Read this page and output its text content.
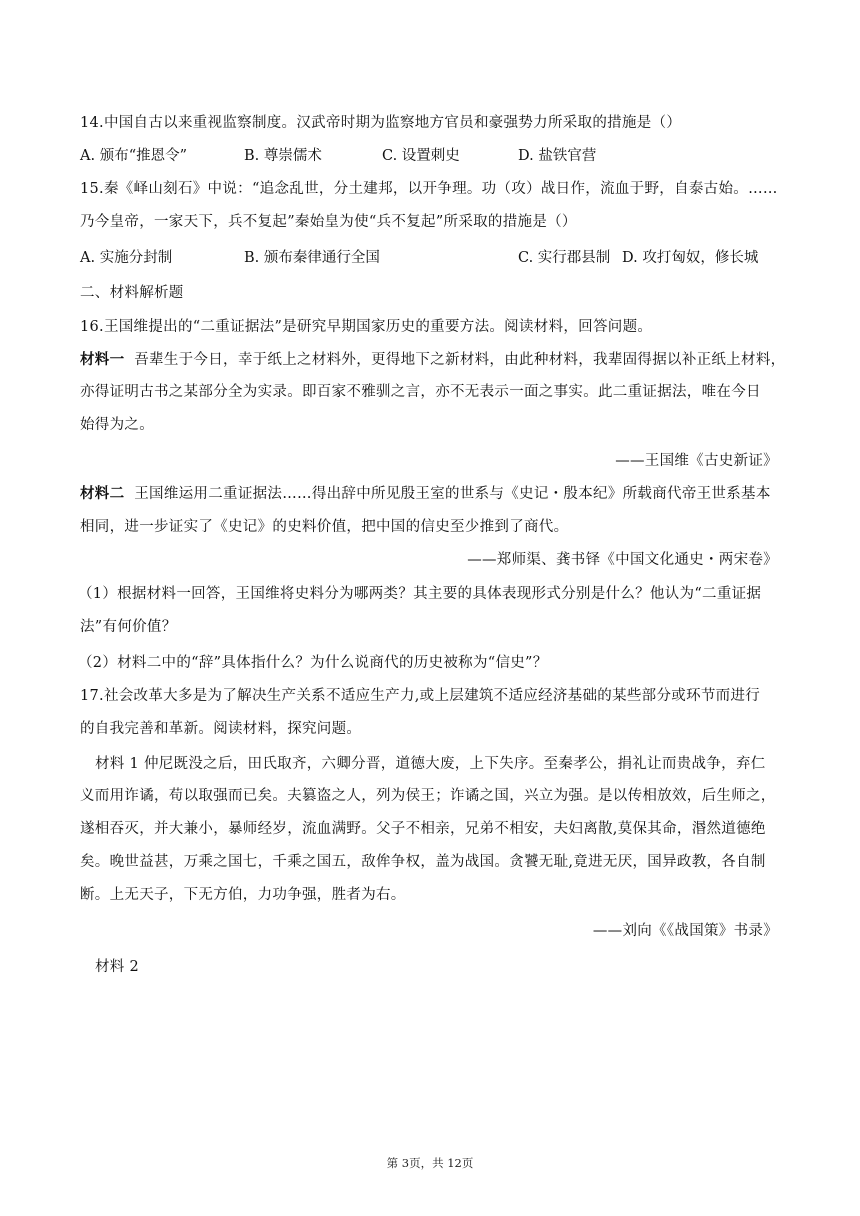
14.中国自古以来重视监察制度。汉武帝时期为监察地方官员和豪强势力所采取的措施是（）
A. 颁布“推恩令”	B. 尊崇儒术	C. 设置刺史	D. 盐铁官营
15.秦《峄山刻石》中说：“追念乱世，分土建邦，以开争理。功（攻）战日作，流血于野，自泰古始。……
乃今皇帝，一家天下，兵不复起”秦始皇为使“兵不复起”所采取的措施是（）
A. 实施分封制	B. 颁布秦律通行全国	C. 实行郡县制 D. 攻打匈奴，修长城
二、材料解析题
16.王国维提出的“二重证据法”是研究早期国家历史的重要方法。阅读材料，回答问题。
材料一 吾辈生于今日，幸于纸上之材料外，更得地下之新材料，由此种材料，我辈固得据以补正纸上材料，
亦得证明古书之某部分全为实录。即百家不雅驯之言，亦不无表示一面之事实。此二重证据法，唯在今日
始得为之。
——王国维《古史新证》
材料二 王国维运用二重证据法……得出辞中所见殷王室的世系与《史记・殷本纪》所载商代帝王世系基本
相同，进一步证实了《史记》的史料价值，把中国的信史至少推到了商代。
——郑师渠、龚书铎《中国文化通史・两宋卷》
（1）根据材料一回答，王国维将史料分为哪两类？其主要的具体表现形式分别是什么？他认为“二重证据
法”有何价值？
（2）材料二中的“辞”具体指什么？为什么说商代的历史被称为“信史”？
17.社会改革大多是为了解决生产关系不适应生产力,或上层建筑不适应经济基础的某些部分或环节而进行
的自我完善和革新。阅读材料，探究问题。
材料 1 仲尼既没之后，田氏取齐，六卿分晋，道德大废，上下失序。至秦孝公，捐礼让而贵战争，弃仁
义而用诈谲，苟以取强而已矣。夫篡盗之人，列为侯王；诈谲之国，兴立为强。是以传相放效，后生师之，
遂相吞灭，并大兼小，暴师经岁，流血满野。父子不相亲，兄弟不相安，夫妇离散,莫保其命，湣然道德绝
矣。晚世益甚，万乘之国七，千乘之国五，敌侔争权，盖为战国。贪饕无耻,竟进无厌，国异政教，各自制
断。上无天子，下无方伯，力功争强，胜者为右。
——刘向《《战国策》书录》
材料 2
第 3页，共 12页
